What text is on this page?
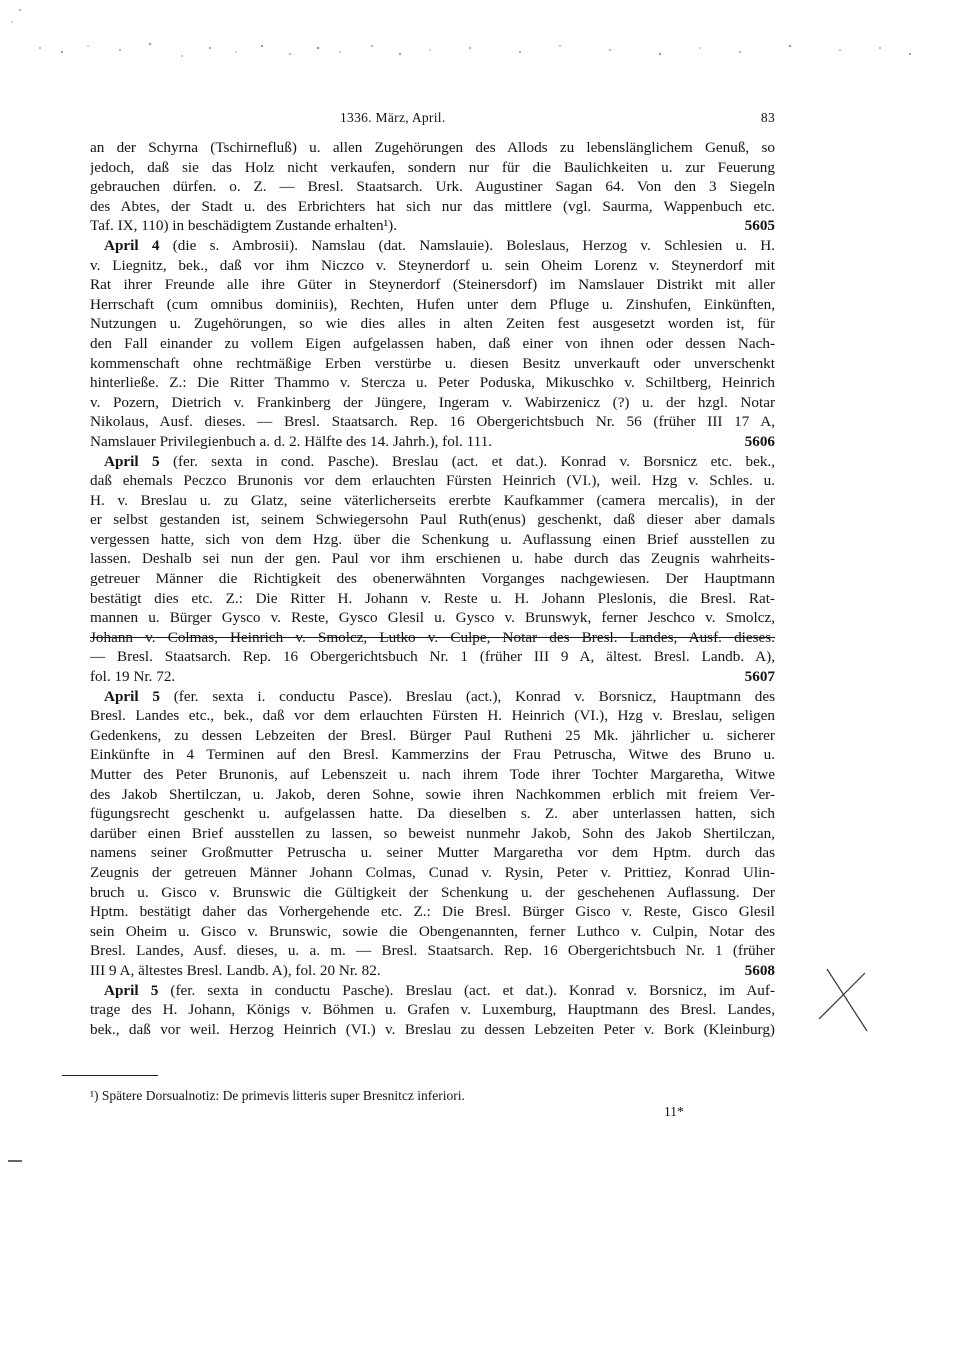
1336. März, April.	83
an der Schyrna (Tschirnefluß) u. allen Zugehörungen des Allods zu lebenslänglichem Genuß, so
jedoch, daß sie das Holz nicht verkaufen, sondern nur für die Baulichkeiten u. zur Feuerung
gebrauchen dürfen. o. Z. — Bresl. Staatsarch. Urk. Augustiner Sagan 64. Von den 3 Siegeln
des Abtes, der Stadt u. des Erbrichters hat sich nur das mittlere (vgl. Saurma, Wappenbuch etc.
Taf. IX, 110) in beschädigtem Zustande erhalten¹).	5605
April 4 (die s. Ambrosii). Namslau (dat. Namslauie). Boleslaus, Herzog v. Schlesien u. H.
v. Liegnitz, bek., daß vor ihm Niczco v. Steynerdorf u. sein Oheim Lorenz v. Steynerdorf mit
Rat ihrer Freunde alle ihre Güter in Steynerdorf (Steinersdorf) im Namslauer Distrikt mit aller
Herrschaft (cum omnibus dominiis), Rechten, Hufen unter dem Pfluge u. Zinshufen, Einkünften,
Nutzungen u. Zugehörungen, so wie dies alles in alten Zeiten fest ausgesetzt worden ist, für
den Fall einander zu vollem Eigen aufgelassen haben, daß einer von ihnen oder dessen Nach-
kommenschaft ohne rechtmäßige Erben verstürbe u. diesen Besitz unverkauft oder unverschenkt
hinterließe. Z.: Die Ritter Thammo v. Stercza u. Peter Poduska, Mikuschko v. Schiltberg, Heinrich
v. Pozern, Dietrich v. Frankinberg der Jüngere, Ingeram v. Wabirzenicz (?) u. der hzgl. Notar
Nikolaus, Ausf. dieses. — Bresl. Staatsarch. Rep. 16 Obergerichtsbuch Nr. 56 (früher III 17 A,
Namslauer Privilegienbuch a. d. 2. Hälfte des 14. Jahrh.), fol. 111.	5606
April 5 (fer. sexta in cond. Pasche). Breslau (act. et dat.). Konrad v. Borsnicz etc. bek.,
daß ehemals Peczco Brunonis vor dem erlauchten Fürsten Heinrich (VI.), weil. Hzg v. Schles. u.
H. v. Breslau u. zu Glatz, seine väterlicherseits ererbte Kaufkammer (camera mercalis), in der
er selbst gestanden ist, seinem Schwiegersohn Paul Ruth(enus) geschenkt, daß dieser aber damals
vergessen hatte, sich von dem Hzg. über die Schenkung u. Auflassung einen Brief ausstellen zu
lassen. Deshalb sei nun der gen. Paul vor ihm erschienen u. habe durch das Zeugnis wahrheits-
getreuer Männer die Richtigkeit des obenerwähnten Vorganges nachgewiesen. Der Hauptmann
bestätigt dies etc. Z.: Die Ritter H. Johann v. Reste u. H. Johann Pleslonis, die Bresl. Rat-
mannen u. Bürger Gysco v. Reste, Gysco Glesil u. Gysco v. Brunswyk, ferner Jeschco v. Smolcz,
Johann v. Colmas, Heinrich v. Smolcz, Lutko v. Culpe, Notar des Bresl. Landes, Ausf. dieses.
— Bresl. Staatsarch. Rep. 16 Obergerichtsbuch Nr. 1 (früher III 9 A, ältest. Bresl. Landb. A),
fol. 19 Nr. 72.	5607
April 5 (fer. sexta i. conductu Pasce). Breslau (act.), Konrad v. Borsnicz, Hauptmann des
Bresl. Landes etc., bek., daß vor dem erlauchten Fürsten H. Heinrich (VI.), Hzg v. Breslau, seligen
Gedenkens, zu dessen Lebzeiten der Bresl. Bürger Paul Rutheni 25 Mk. jährlicher u. sicherer
Einkünfte in 4 Terminen auf den Bresl. Kammerzins der Frau Petruscha, Witwe des Bruno u.
Mutter des Peter Brunonis, auf Lebenszeit u. nach ihrem Tode ihrer Tochter Margaretha, Witwe
des Jakob Shertilczan, u. Jakob, deren Sohne, sowie ihren Nachkommen erblich mit freiem Ver-
fügungsrecht geschenkt u. aufgelassen hatte. Da dieselben s. Z. aber unterlassen hatten, sich
darüber einen Brief ausstellen zu lassen, so beweist nunmehr Jakob, Sohn des Jakob Shertilczan,
namens seiner Großmutter Petruscha u. seiner Mutter Margaretha vor dem Hptm. durch das
Zeugnis der getreuen Männer Johann Colmas, Cunad v. Rysin, Peter v. Prittiez, Konrad Ulin-
bruch u. Gisco v. Brunswic die Gültigkeit der Schenkung u. der geschehenen Auflassung. Der
Hptm. bestätigt daher das Vorhergehende etc. Z.: Die Bresl. Bürger Gisco v. Reste, Gisco Glesil
sein Oheim u. Gisco v. Brunswic, sowie die Obengenannten, ferner Luthco v. Culpin, Notar des
Bresl. Landes, Ausf. dieses, u. a. m. — Bresl. Staatsarch. Rep. 16 Obergerichtsbuch Nr. 1 (früher
III 9 A, ältestes Bresl. Landb. A), fol. 20 Nr. 82.	5608
April 5 (fer. sexta in conductu Pasche). Breslau (act. et dat.). Konrad v. Borsnicz, im Auf-
trage des H. Johann, Königs v. Böhmen u. Grafen v. Luxemburg, Hauptmann des Bresl. Landes,
bek., daß vor weil. Herzog Heinrich (VI.) v. Breslau zu dessen Lebzeiten Peter v. Bork (Kleinburg)
¹) Spätere Dorsualnotiz: De primevis litteris super Bresnitcz inferiori.
11*
